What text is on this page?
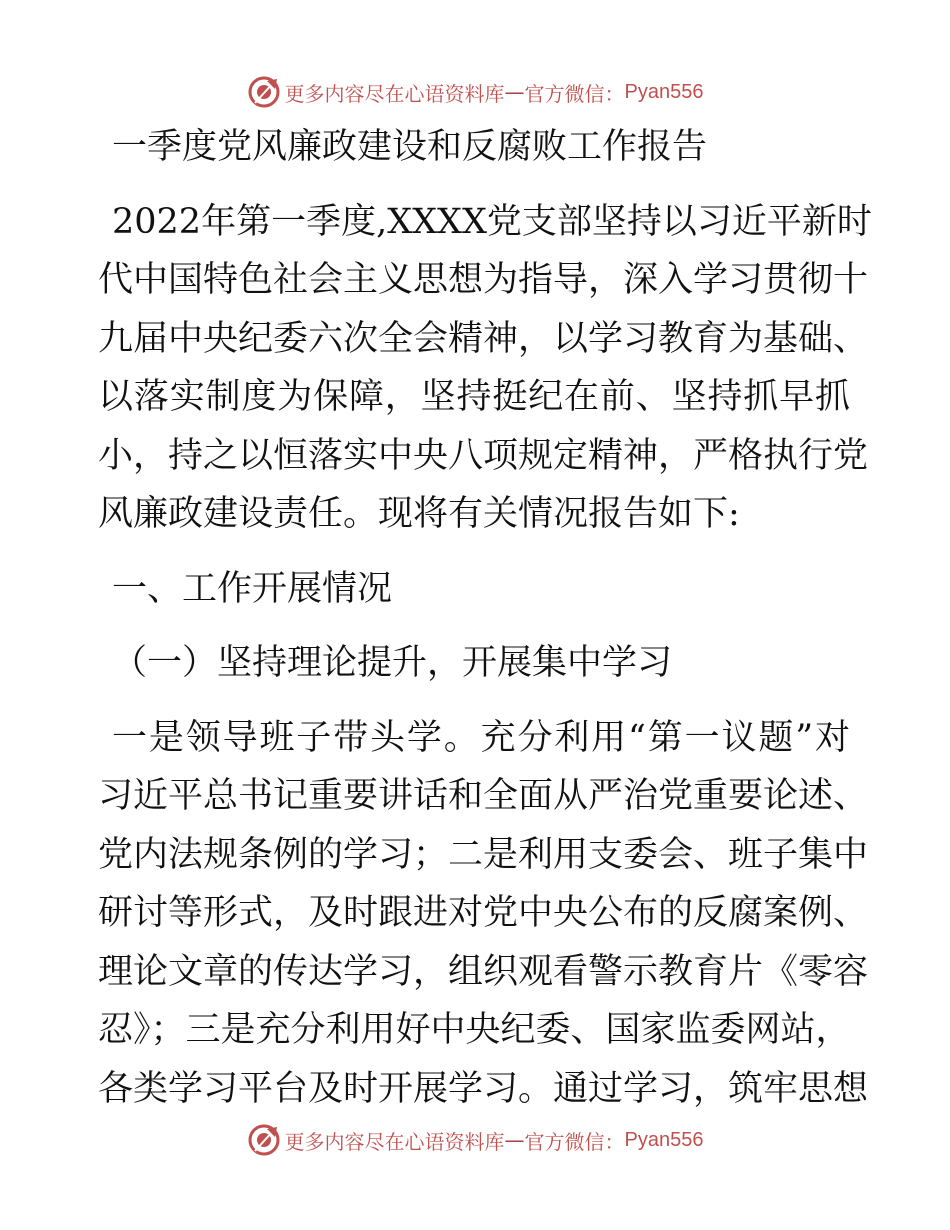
更多内容尽在心语资料库 — 官方微信： Pyan556
一季度党风廉政建设和反腐败工作报告
2022年第一季度,XXXX党支部坚持以习近平新时
代中国特色社会主义思想为指导，深入学习贯彻十
九届中央纪委六次全会精神，以学习教育为基础、
以落实制度为保障，坚持挺纪在前、坚持抓早抓
小，持之以恒落实中央八项规定精神，严格执行党
风廉政建设责任。现将有关情况报告如下:
一、工作开展情况
（一）坚持理论提升，开展集中学习
一是领导班子带头学。充分利用“第一议题”对
习近平总书记重要讲话和全面从严治党重要论述、
党内法规条例的学习；二是利用支委会、班子集中
研讨等形式，及时跟进对党中央公布的反腐案例、
理论文章的传达学习，组织观看警示教育片《零容
忍》；三是充分利用好中央纪委、国家监委网站，
各类学习平台及时开展学习。通过学习，筑牢思想
更多内容尽在心语资料库 — 官方微信： Pyan556
